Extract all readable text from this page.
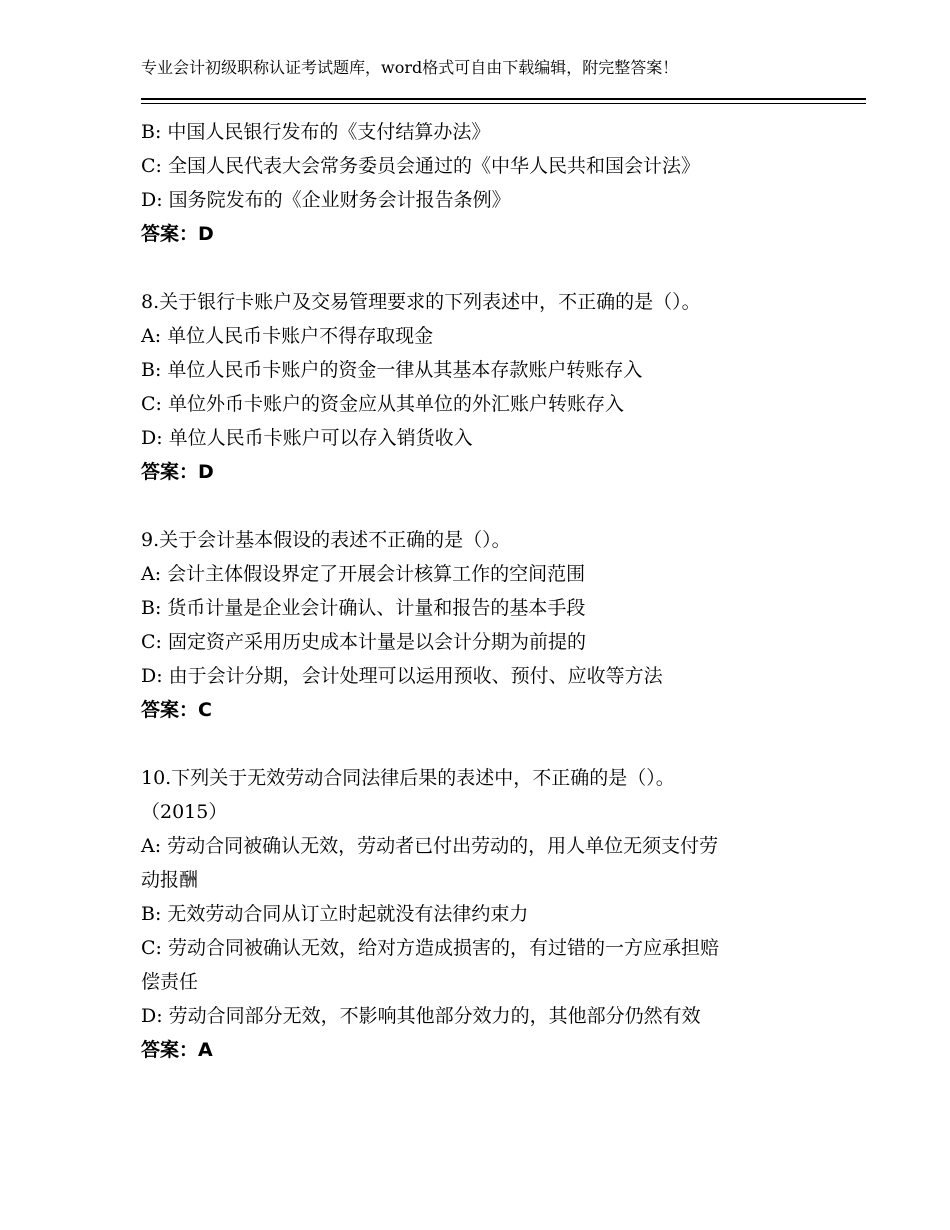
专业会计初级职称认证考试题库，word格式可自由下载编辑，附完整答案！
B: 中国人民银行发布的《支付结算办法》
C: 全国人民代表大会常务委员会通过的《中华人民共和国会计法》
D: 国务院发布的《企业财务会计报告条例》
答案：D
8.关于银行卡账户及交易管理要求的下列表述中，不正确的是（）。
A: 单位人民币卡账户不得存取现金
B: 单位人民币卡账户的资金一律从其基本存款账户转账存入
C: 单位外币卡账户的资金应从其单位的外汇账户转账存入
D: 单位人民币卡账户可以存入销货收入
答案：D
9.关于会计基本假设的表述不正确的是（）。
A: 会计主体假设界定了开展会计核算工作的空间范围
B: 货币计量是企业会计确认、计量和报告的基本手段
C: 固定资产采用历史成本计量是以会计分期为前提的
D: 由于会计分期，会计处理可以运用预收、预付、应收等方法
答案：C
10.下列关于无效劳动合同法律后果的表述中，不正确的是（）。
（2015）
A: 劳动合同被确认无效，劳动者已付出劳动的，用人单位无须支付劳
动报酬
B: 无效劳动合同从订立时起就没有法律约束力
C: 劳动合同被确认无效，给对方造成损害的，有过错的一方应承担赔
偿责任
D: 劳动合同部分无效，不影响其他部分效力的，其他部分仍然有效
答案：A
